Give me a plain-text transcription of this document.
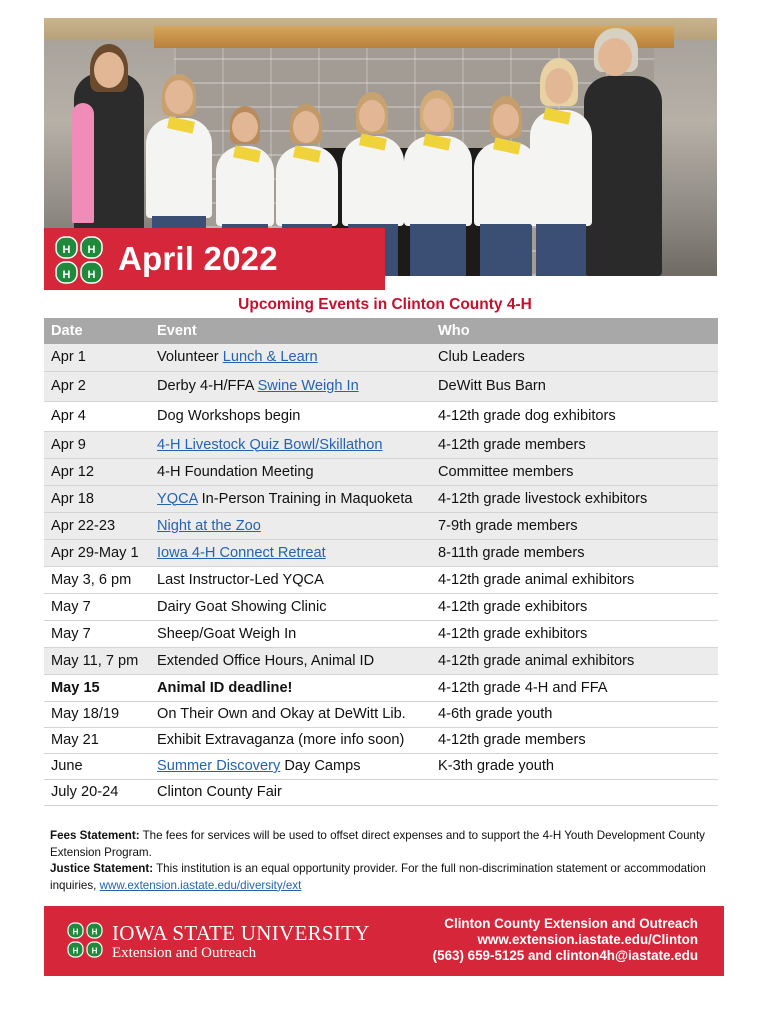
H H
H H April 2022
Upcoming Events in Clinton County 4-H
Date	Event	Who
Apr 1	Volunteer Lunch & Learn	Club Leaders
Apr 2	Derby 4-H/FFA Swine Weigh In	DeWitt Bus Barn
Apr 4	Dog Workshops begin	4-12th grade dog exhibitors
Apr 9	4-H Livestock Quiz Bowl/Skillathon	4-12th grade members
Apr 12	4-H Foundation Meeting	Committee members
Apr 18	YQCA In-Person Training in Maquoketa	4-12th grade livestock exhibitors
Apr 22-23	Night at the Zoo	7-9th grade members
Apr 29-May 1	Iowa 4-H Connect Retreat	8-11th grade members
May 3, 6 pm	Last Instructor-Led YQCA	4-12th grade animal exhibitors
May 7	Dairy Goat Showing Clinic	4-12th grade exhibitors
May 7	Sheep/Goat Weigh In	4-12th grade exhibitors
May 11, 7 pm	Extended Office Hours, Animal ID	4-12th grade animal exhibitors
May 15	Animal ID deadline!	4-12th grade 4-H and FFA
May 18/19	On Their Own and Okay at DeWitt Lib.	4-6th grade youth
May 21	Exhibit Extravaganza (more info soon)	4-12th grade members
June	Summer Discovery Day Camps	K-3th grade youth
July 20-24	Clinton County Fair	
Fees Statement: The fees for services will be used to offset direct expenses and to support the 4-H Youth Development County Extension Program.
Justice Statement: This institution is an equal opportunity provider. For the full non-discrimination statement or accommodation inquiries, www.extension.iastate.edu/diversity/ext
H H
H H
IOWA STATE UNIVERSITY
Extension and Outreach
Clinton County Extension and Outreach
www.extension.iastate.edu/Clinton
(563) 659-5125 and clinton4h@iastate.edu
